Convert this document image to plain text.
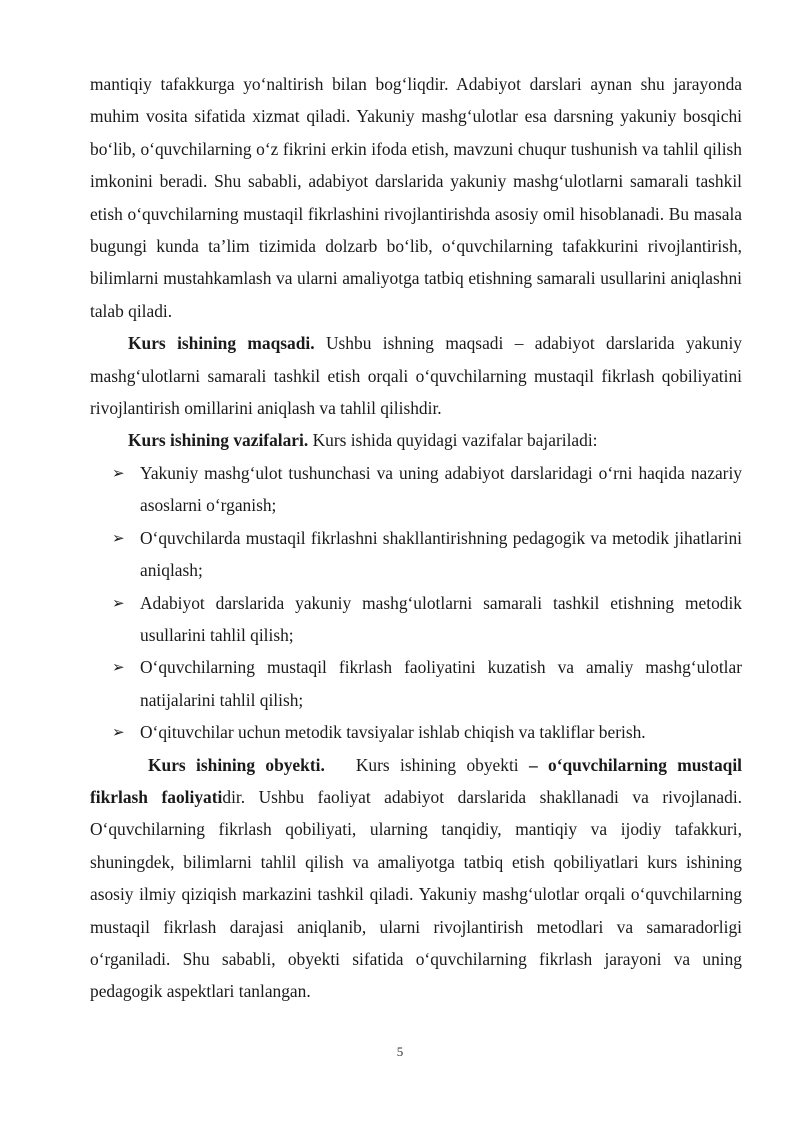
mantiqiy tafakkurga yo‘naltirish bilan bog‘liqdir. Adabiyot darslari aynan shu jarayonda muhim vosita sifatida xizmat qiladi. Yakuniy mashg‘ulotlar esa darsning yakuniy bosqichi bo‘lib, o‘quvchilarning o‘z fikrini erkin ifoda etish, mavzuni chuqur tushunish va tahlil qilish imkonini beradi. Shu sababli, adabiyot darslarida yakuniy mashg‘ulotlarni samarali tashkil etish o‘quvchilarning mustaqil fikrlashini rivojlantirishda asosiy omil hisoblanadi. Bu masala bugungi kunda ta’lim tizimida dolzarb bo‘lib, o‘quvchilarning tafakkurini rivojlantirish, bilimlarni mustahkamlash va ularni amaliyotga tatbiq etishning samarali usullarini aniqlashni talab qiladi.

Kurs ishining maqsadi. Ushbu ishning maqsadi – adabiyot darslarida yakuniy mashg‘ulotlarni samarali tashkil etish orqali o‘quvchilarning mustaqil fikrlash qobiliyatini rivojlantirish omillarini aniqlash va tahlil qilishdir.

Kurs ishining vazifalari. Kurs ishida quyidagi vazifalar bajariladi:

➢ Yakuniy mashg‘ulot tushunchasi va uning adabiyot darslaridagi o‘rni haqida nazariy asoslarni o‘rganish;
➢ O‘quvchilarda mustaqil fikrlashni shakllantirishning pedagogik va metodik jihatlarini aniqlash;
➢ Adabiyot darslarida yakuniy mashg‘ulotlarni samarali tashkil etishning metodik usullarini tahlil qilish;
➢ O‘quvchilarning mustaqil fikrlash faoliyatini kuzatish va amaliy mashg‘ulotlar natijalarini tahlil qilish;
➢ O‘qituvchilar uchun metodik tavsiyalar ishlab chiqish va takliflar berish.

Kurs ishining obyekti.   Kurs ishining obyekti – o‘quvchilarning mustaqil fikrlash faoliyatidir. Ushbu faoliyat adabiyot darslarida shakllanadi va rivojlanadi. O‘quvchilarning fikrlash qobiliyati, ularning tanqidiy, mantiqiy va ijodiy tafakkuri, shuningdek, bilimlarni tahlil qilish va amaliyotga tatbiq etish qobiliyatlari kurs ishining asosiy ilmiy qiziqish markazini tashkil qiladi. Yakuniy mashg‘ulotlar orqali o‘quvchilarning mustaqil fikrlash darajasi aniqlanib, ularni rivojlantirish metodlari va samaradorligi o‘rganiladi. Shu sababli, obyekti sifatida o‘quvchilarning fikrlash jarayoni va uning pedagogik aspektlari tanlangan.

5
